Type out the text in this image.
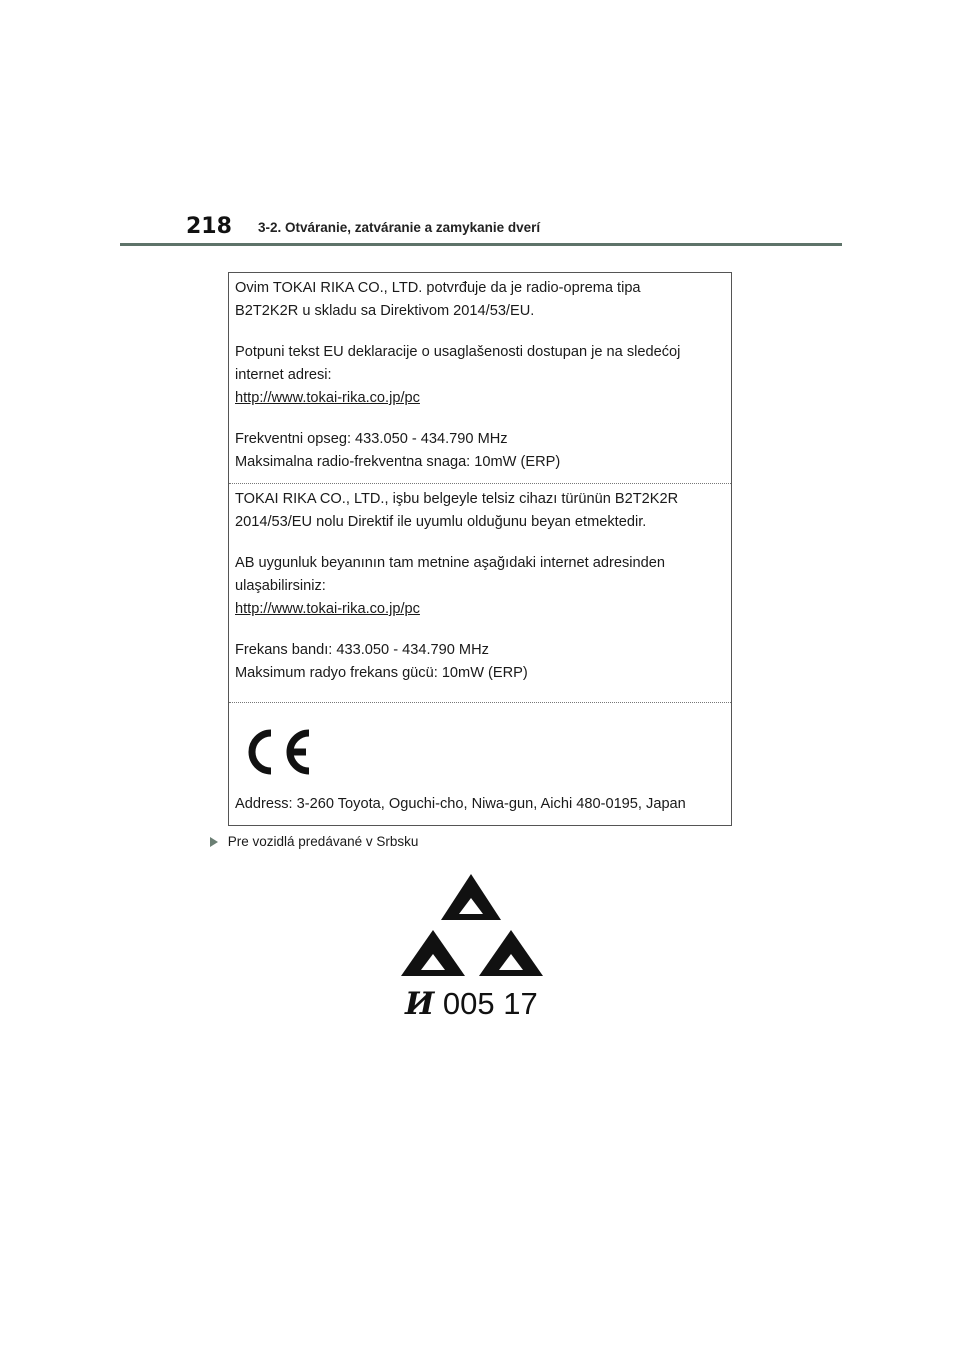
218 3-2. Otváranie, zatváranie a zamykanie dverí

Ovim TOKAI RIKA CO., LTD. potvrđuje da je radio-oprema tipa

B2T2K2R u skladu sa Direktivom 2014/53/EU.

Potpuni tekst EU deklaracije o usaglašenosti dostupan je na sledećoj

internet adresi:

http://www.tokai-rika.co.jp/pc

Frekventni opseg: 433.050 - 434.790 MHz

Maksimalna radio-frekventna snaga: 10mW (ERP)

TOKAI RIKA CO., LTD., işbu belgeyle telsiz cihazı türünün B2T2K2R

2014/53/EU nolu Direktif ile uyumlu olduğunu beyan etmektedir.

AB uygunluk beyanının tam metnine aşağıdaki internet adresinden

ulaşabilirsiniz:

http://www.tokai-rika.co.jp/pc

Frekans bandı: 433.050 - 434.790 MHz

Maksimum radyo frekans gücü: 10mW (ERP)

Address: 3-260 Toyota, Oguchi-cho, Niwa-gun, Aichi 480-0195, Japan

Pre vozidlá predávané v Srbsku
И 005 17
